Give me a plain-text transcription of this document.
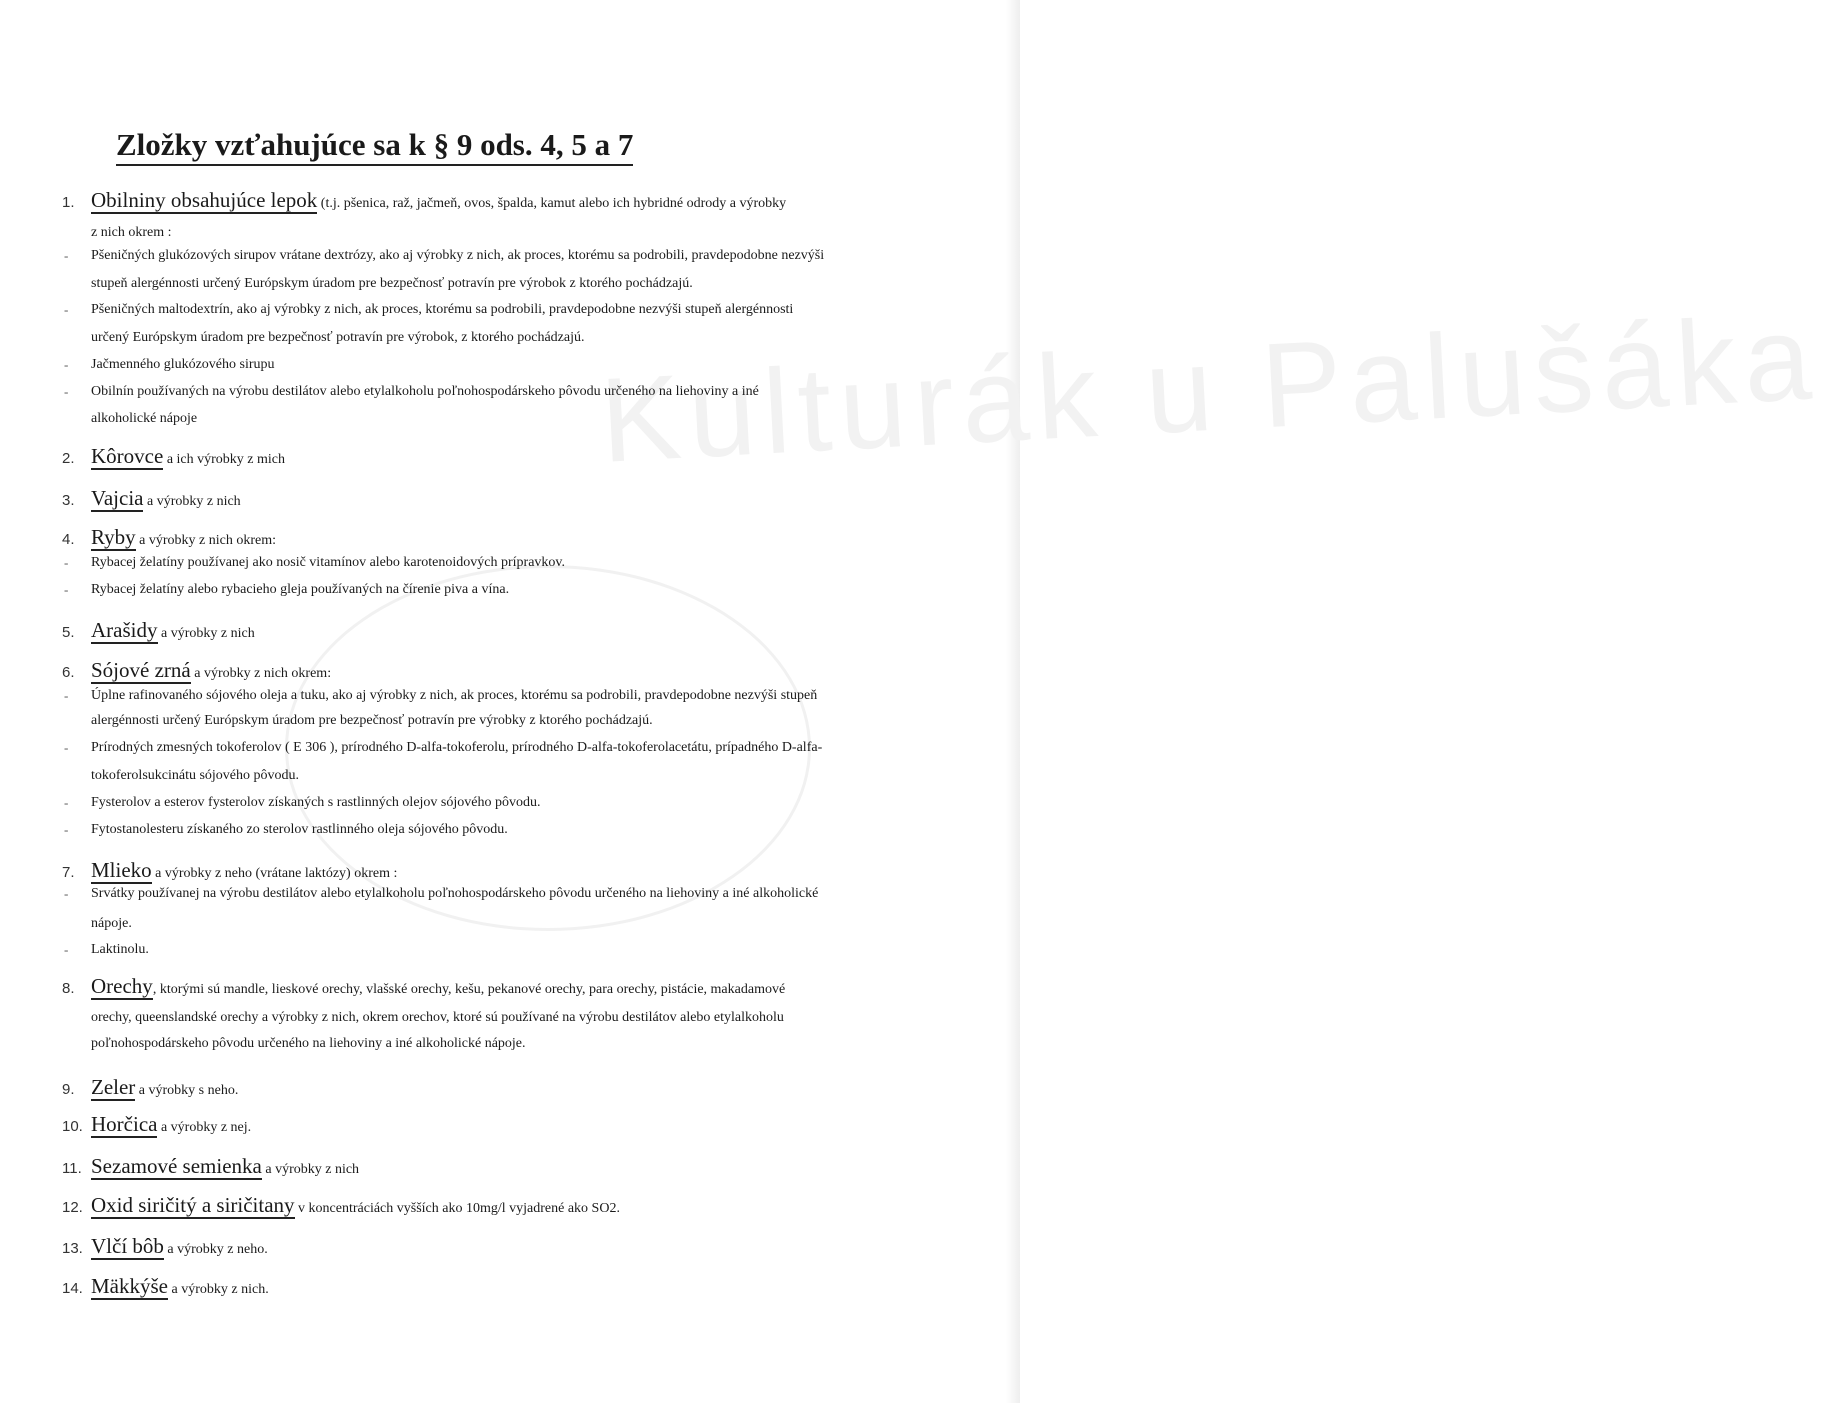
Kulturák u Palušáka
Zložky vzťahujúce sa k § 9 ods. 4, 5 a 7
1. Obilniny obsahujúce lepok (t.j. pšenica, raž, jačmeň, ovos, špalda, kamut alebo ich hybridné odrody a výrobky
z nich okrem :
- Pšeničných glukózových sirupov vrátane dextrózy, ako aj výrobky z nich, ak proces, ktorému sa podrobili, pravdepodobne nezvýši
stupeň alergénnosti určený Európskym úradom pre bezpečnosť potravín pre výrobok z ktorého pochádzajú.
- Pšeničných maltodextrín, ako aj výrobky z nich, ak proces, ktorému sa podrobili, pravdepodobne nezvýši stupeň alergénnosti
určený Európskym úradom pre bezpečnosť potravín pre výrobok, z ktorého pochádzajú.
- Jačmenného glukózového sirupu
- Obilnín používaných na výrobu destilátov alebo etylalkoholu poľnohospodárskeho pôvodu určeného na liehoviny a iné
alkoholické nápoje
2. Kôrovce a ich výrobky z mich
3. Vajcia a výrobky z nich
4. Ryby a výrobky z nich okrem:
- Rybacej želatíny používanej ako nosič vitamínov alebo karotenoidových prípravkov.
- Rybacej želatíny alebo rybacieho gleja používaných na čírenie piva a vína.
5. Arašidy a výrobky z nich
6. Sójové zrná a výrobky z nich okrem:
- Úplne rafinovaného sójového oleja a tuku, ako aj výrobky z nich, ak proces, ktorému sa podrobili, pravdepodobne nezvýši stupeň
alergénnosti určený Európskym úradom pre bezpečnosť potravín pre výrobky z ktorého pochádzajú.
- Prírodných zmesných tokoferolov ( E 306 ), prírodného D-alfa-tokoferolu, prírodného D-alfa-tokoferolacetátu, prípadného D-alfa-
tokoferolsukcinátu sójového pôvodu.
- Fysterolov a esterov fysterolov získaných s rastlinných olejov sójového pôvodu.
- Fytostanolesteru získaného zo sterolov rastlinného oleja sójového pôvodu.
7. Mlieko a výrobky z neho (vrátane laktózy) okrem :
- Srvátky používanej na výrobu destilátov alebo etylalkoholu poľnohospodárskeho pôvodu určeného na liehoviny a iné alkoholické
nápoje.
- Laktinolu.
8. Orechy, ktorými sú mandle, lieskové orechy, vlašské orechy, kešu, pekanové orechy, para orechy, pistácie, makadamové
orechy, queenslandské orechy a výrobky z nich, okrem orechov, ktoré sú používané na výrobu destilátov alebo etylalkoholu
poľnohospodárskeho pôvodu určeného na liehoviny a iné alkoholické nápoje.
9. Zeler a výrobky s neho.
10. Horčica a výrobky z nej.
11. Sezamové semienka a výrobky z nich
12. Oxid siričitý a siričitany v koncentráciách vyšších ako 10mg/l vyjadrené ako SO2.
13. Vlčí bôb a výrobky z neho.
14. Mäkkýše a výrobky z nich.
